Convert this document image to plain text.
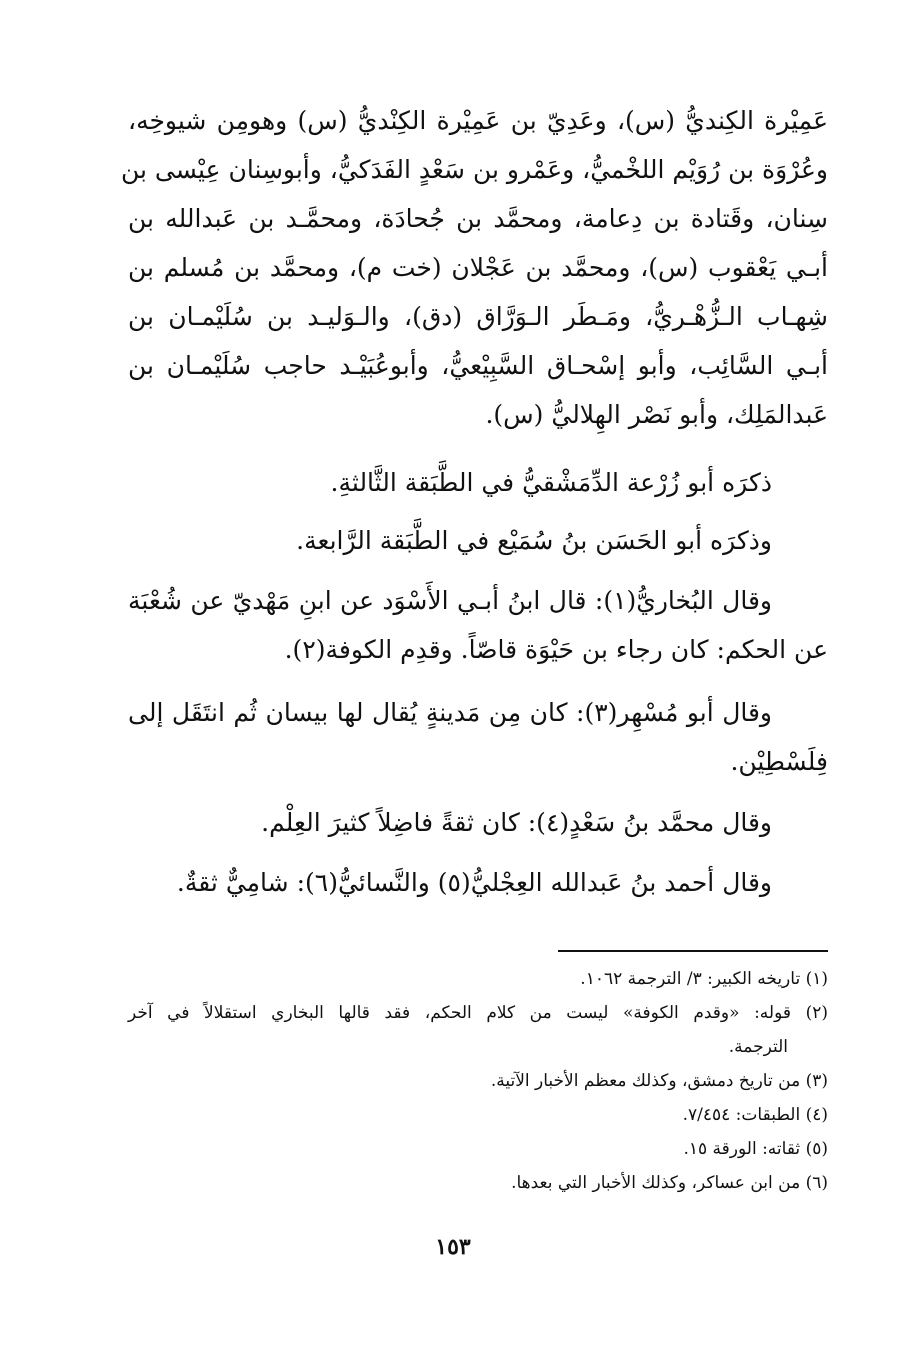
عَمِيْرة الكِنديُّ (س)، وعَدِيّ بن عَمِيْرة الكِنْديُّ (س) وهومِن شيوخِه،
وعُرْوَة بن رُوَيْم اللخْميُّ، وعَمْرو بن سَعْدٍ الفَدَكيُّ، وأبوسِنان عِيْسى بن
سِنان، وقَتادة بن دِعامة، ومحمَّد بن جُحادَة، ومحمَّـد بن عَبدالله بن
أبـي يَعْقوب (س)، ومحمَّد بن عَجْلان (خت م)، ومحمَّد بن مُسلم بن
شِهـاب الـزُّهْـريُّ، ومَـطَر الـوَرَّاق (دق)، والـوَليـد بن سُلَيْمـان بن
أبـي السَّائِب، وأبو إسْحـاق السَّبِيْعيُّ، وأبوعُبَيْـد حاجب سُلَيْمـان بن
عَبدالمَلِك، وأبو نَصْر الهِلاليُّ (س).
ذكرَه أبو زُرْعة الدِّمَشْقيُّ في الطَّبَقة الثَّالثةِ.
وذكرَه أبو الحَسَن بنُ سُمَيْع في الطَّبَقة الرَّابعة.
وقال البُخاريُّ(١): قال ابنُ أبـي الأَسْوَد عن ابنِ مَهْديّ عن شُعْبَة
عن الحكم: كان رجاء بن حَيْوَة قاصّاً. وقدِم الكوفة(٢).
وقال أبو مُسْهِر(٣): كان مِن مَدينةٍ يُقال لها بيسان ثُم انتَقَل إلى
فِلَسْطِيْن.
وقال محمَّد بنُ سَعْدٍ(٤): كان ثقةً فاضِلاً كثيرَ العِلْم.
وقال أحمد بنُ عَبدالله العِجْليُّ(٥) والنَّسائيُّ(٦): شامِيٌّ ثقةٌ.
(١) تاريخه الكبير: ٣/ الترجمة ١٠٦٢.
(٢) قوله: «وقدم الكوفة» ليست من كلام الحكم، فقد قالها البخاري استقلالاً في آخر
الترجمة.
(٣) من تاريخ دمشق، وكذلك معظم الأخبار الآتية.
(٤) الطبقات: ٧/٤٥٤.
(٥) ثقاته: الورقة ١٥.
(٦) من ابن عساكر، وكذلك الأخبار التي بعدها.
١٥٣
